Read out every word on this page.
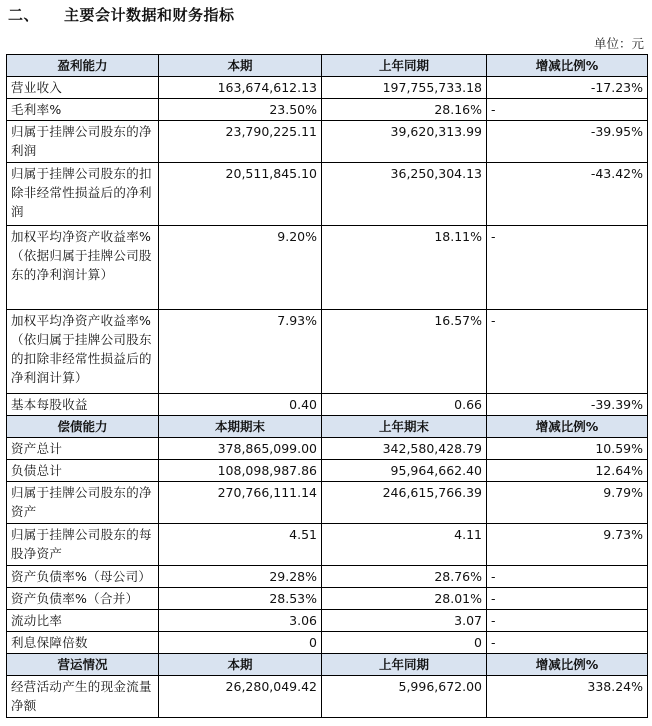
二、 主要会计数据和财务指标
单位：元
盈利能力	本期	上年同期	增减比例%
营业收入	163,674,612.13	197,755,733.18	-17.23%
毛利率%	23.50%	28.16%	-
归属于挂牌公司股东的净利润	23,790,225.11	39,620,313.99	-39.95%
归属于挂牌公司股东的扣除非经常性损益后的净利润	20,511,845.10	36,250,304.13	-43.42%
加权平均净资产收益率%（依据归属于挂牌公司股东的净利润计算）	9.20%	18.11%	-
加权平均净资产收益率%（依归属于挂牌公司股东的扣除非经常性损益后的净利润计算）	7.93%	16.57%	-
基本每股收益	0.40	0.66	-39.39%
偿债能力	本期期末	上年期末	增减比例%
资产总计	378,865,099.00	342,580,428.79	10.59%
负债总计	108,098,987.86	95,964,662.40	12.64%
归属于挂牌公司股东的净资产	270,766,111.14	246,615,766.39	9.79%
归属于挂牌公司股东的每股净资产	4.51	4.11	9.73%
资产负债率%（母公司）	29.28%	28.76%	-
资产负债率%（合并）	28.53%	28.01%	-
流动比率	3.06	3.07	-
利息保障倍数	0	0	-
营运情况	本期	上年同期	增减比例%
经营活动产生的现金流量净额	26,280,049.42	5,996,672.00	338.24%
